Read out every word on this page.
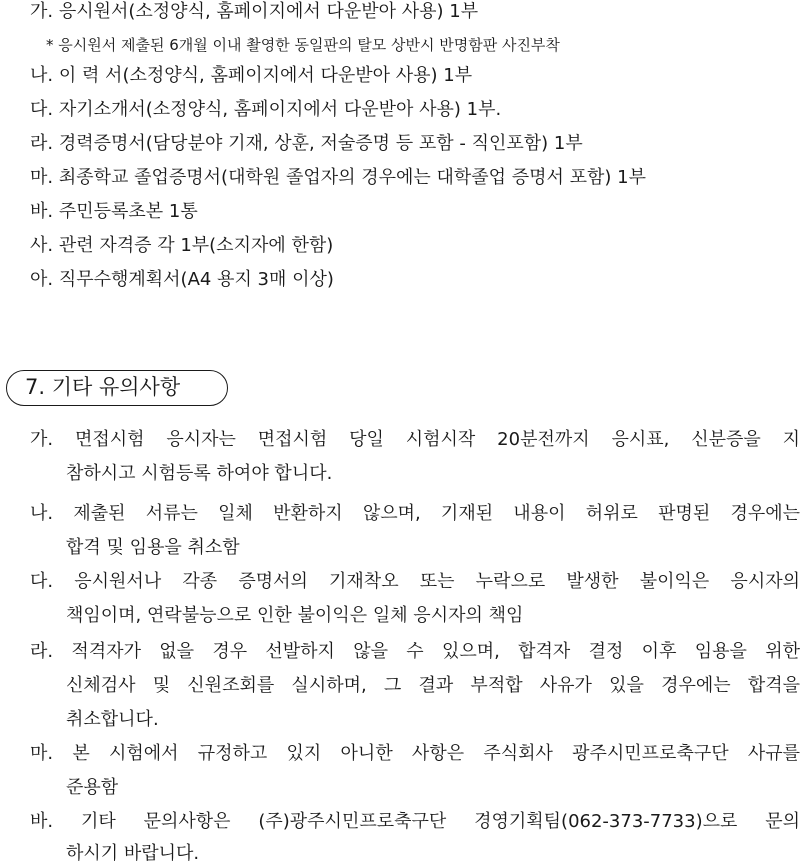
가. 응시원서(소정양식, 홈페이지에서 다운받아 사용) 1부
* 응시원서 제출된 6개월 이내 촬영한 동일판의 탈모 상반시 반명함판 사진부착
나. 이 력 서(소정양식, 홈페이지에서 다운받아 사용) 1부
다. 자기소개서(소정양식, 홈페이지에서 다운받아 사용) 1부.
라. 경력증명서(담당분야 기재, 상훈, 저술증명 등 포함 - 직인포함) 1부
마. 최종학교 졸업증명서(대학원 졸업자의 경우에는 대학졸업 증명서 포함) 1부
바. 주민등록초본 1통
사. 관련 자격증 각 1부(소지자에 한함)
아. 직무수행계획서(A4 용지 3매 이상)
7. 기타 유의사항
가. 면접시험 응시자는 면접시험 당일 시험시작 20분전까지 응시표, 신분증을 지
참하시고 시험등록 하여야 합니다.
나. 제출된 서류는 일체 반환하지 않으며, 기재된 내용이 허위로 판명된 경우에는
합격 및 임용을 취소함
다. 응시원서나 각종 증명서의 기재착오 또는 누락으로 발생한 불이익은 응시자의
책임이며, 연락불능으로 인한 불이익은 일체 응시자의 책임
라. 적격자가 없을 경우 선발하지 않을 수 있으며, 합격자 결정 이후 임용을 위한
신체검사 및 신원조회를 실시하며, 그 결과 부적합 사유가 있을 경우에는 합격을
취소합니다.
마. 본 시험에서 규정하고 있지 아니한 사항은 주식회사 광주시민프로축구단 사규를
준용함
바. 기타 문의사항은 (주)광주시민프로축구단 경영기획팀(062-373-7733)으로 문의
하시기 바랍니다.
